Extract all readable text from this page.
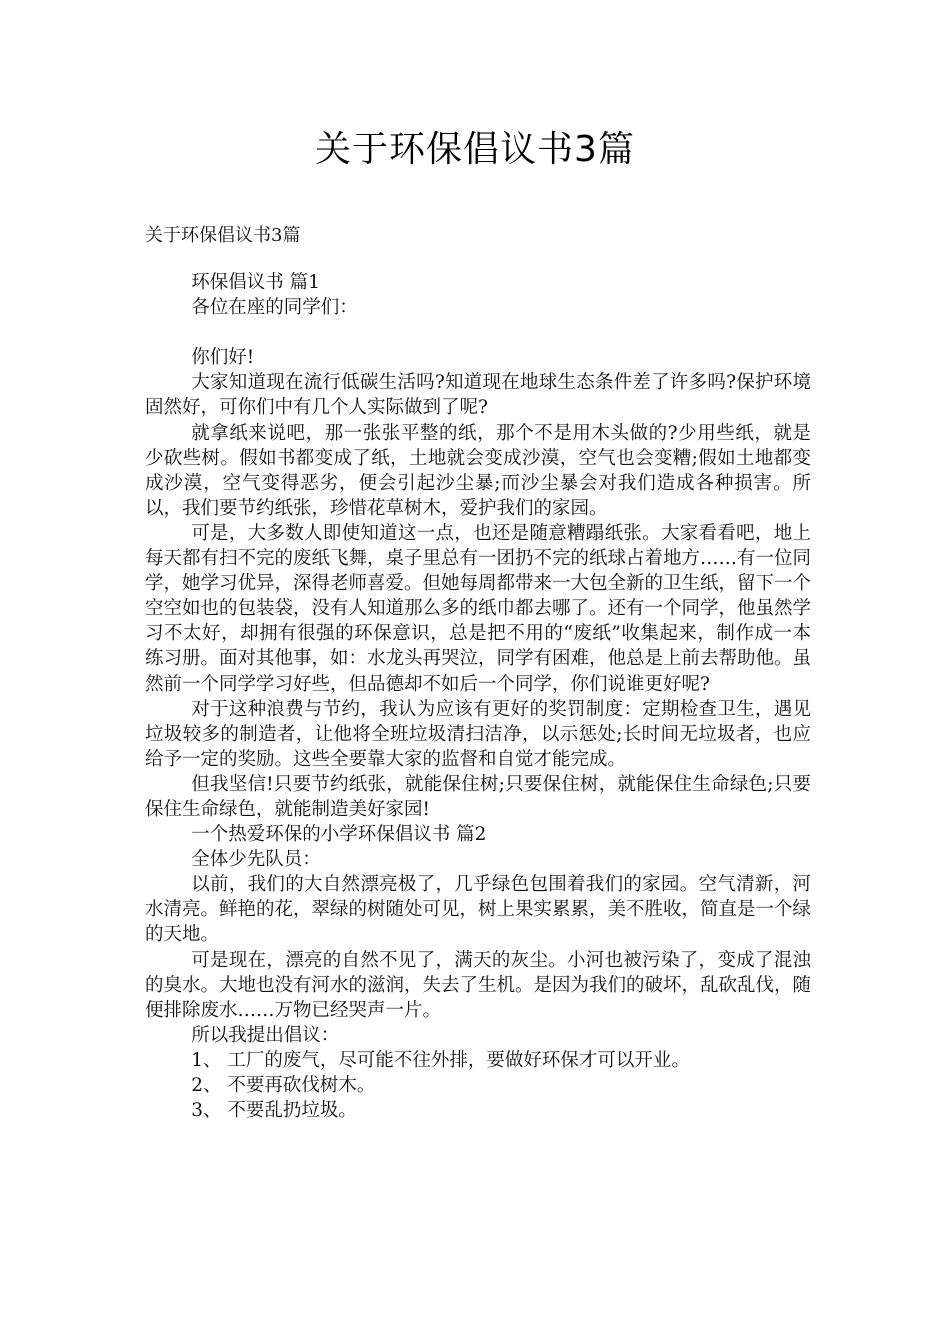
关于环保倡议书3篇
关于环保倡议书3篇

环保倡议书 篇1

各位在座的同学们：

你们好!

大家知道现在流行低碳生活吗?知道现在地球生态条件差了许多吗?保护环境固然好，可你们中有几个人实际做到了呢?

就拿纸来说吧，那一张张平整的纸，那个不是用木头做的?少用些纸，就是少砍些树。假如书都变成了纸，土地就会变成沙漠，空气也会变糟;假如土地都变成沙漠，空气变得恶劣，便会引起沙尘暴;而沙尘暴会对我们造成各种损害。所以，我们要节约纸张，珍惜花草树木，爱护我们的家园。

可是，大多数人即使知道这一点，也还是随意糟蹋纸张。大家看看吧，地上每天都有扫不完的废纸飞舞，桌子里总有一团扔不完的纸球占着地方……有一位同学，她学习优异，深得老师喜爱。但她每周都带来一大包全新的卫生纸，留下一个空空如也的包装袋，没有人知道那么多的纸巾都去哪了。还有一个同学，他虽然学习不太好，却拥有很强的环保意识，总是把不用的“废纸”收集起来，制作成一本练习册。面对其他事，如：水龙头再哭泣，同学有困难，他总是上前去帮助他。虽然前一个同学学习好些，但品德却不如后一个同学，你们说谁更好呢?

对于这种浪费与节约，我认为应该有更好的奖罚制度：定期检查卫生，遇见垃圾较多的制造者，让他将全班垃圾清扫洁净，以示惩处;长时间无垃圾者，也应给予一定的奖励。这些全要靠大家的监督和自觉才能完成。

但我坚信!只要节约纸张，就能保住树;只要保住树，就能保住生命绿色;只要保住生命绿色，就能制造美好家园!

一个热爱环保的小学环保倡议书 篇2

全体少先队员：

以前，我们的大自然漂亮极了，几乎绿色包围着我们的家园。空气清新，河水清亮。鲜艳的花，翠绿的树随处可见，树上果实累累，美不胜收，简直是一个绿的天地。

可是现在，漂亮的自然不见了，满天的灰尘。小河也被污染了，变成了混浊的臭水。大地也没有河水的滋润，失去了生机。是因为我们的破坏，乱砍乱伐，随便排除废水……万物已经哭声一片。

所以我提出倡议：

1、 工厂的废气，尽可能不往外排，要做好环保才可以开业。

2、 不要再砍伐树木。

3、 不要乱扔垃圾。
